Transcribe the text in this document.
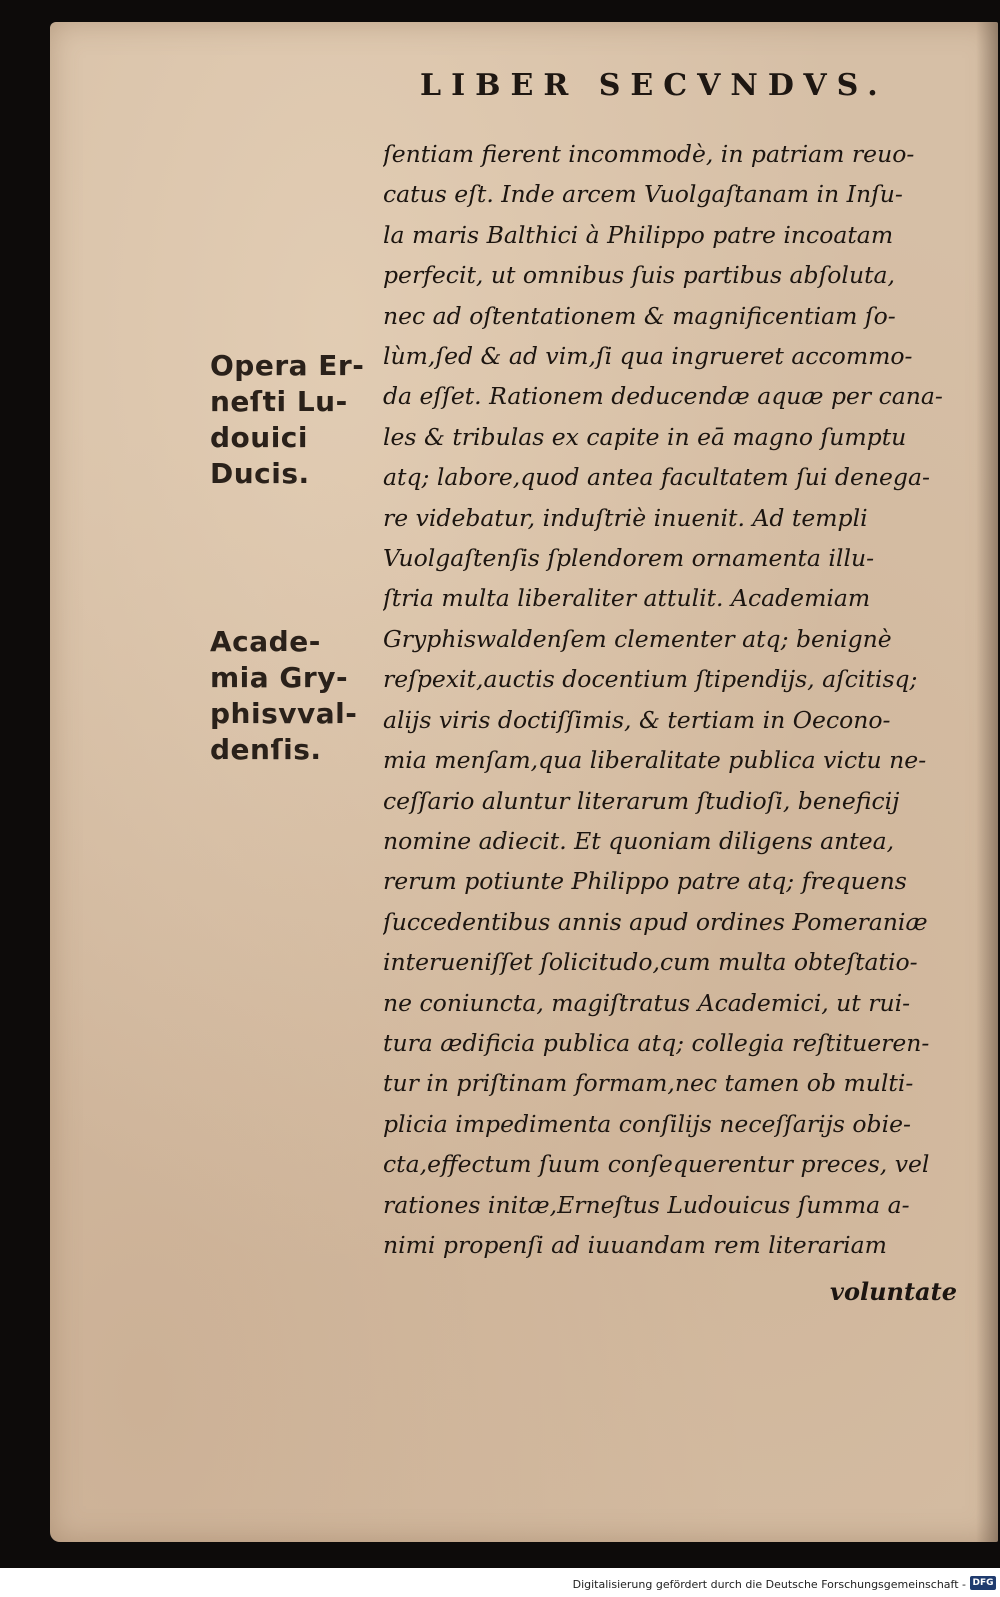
LIBER SECVNDVS.
ſentiam fierent incommodè, in patriam reuo-
catus eſt. Inde arcem Vuolgaſtanam in Inſu-
la maris Balthici à Philippo patre incoatam
perfecit, ut omnibus ſuis partibus abſoluta,
nec ad oſtentationem & magnificentiam ſo-
lùm,ſed & ad vim,ſi qua ingrueret accommo-
da eſſet. Rationem deducendæ aquæ per cana-
les & tribulas ex capite in eā magno ſumptu
atq; labore,quod antea facultatem ſui denega-
re videbatur, induſtriè inuenit. Ad templi
Vuolgaſtenſis ſplendorem ornamenta illu-
ſtria multa liberaliter attulit. Academiam
Gryphiswaldenſem clementer atq; benignè
reſpexit,auctis docentium ſtipendijs, aſcitisq;
alijs viris doctiſſimis, & tertiam in Oecono-
mia menſam,qua liberalitate publica victu ne-
ceſſario aluntur literarum ſtudioſi, beneficij
nomine adiecit. Et quoniam diligens antea,
rerum potiunte Philippo patre atq; frequens
ſuccedentibus annis apud ordines Pomeraniæ
interueniſſet ſolicitudo,cum multa obteſtatio-
ne coniuncta, magiſtratus Academici, ut rui-
tura ædificia publica atq; collegia reſtitueren-
tur in priſtinam formam,nec tamen ob multi-
plicia impedimenta conſilijs neceſſarijs obie-
cta,effectum ſuum conſequerentur preces, vel
rationes initæ,Erneſtus Ludouicus ſumma a-
nimi propenſi ad iuuandam rem literariam
voluntate
Opera Er-
neſti Lu-
douici
Ducis.
Acade-
mia Gry-
phisvval-
denſis.
Digitalisierung gefördert durch die Deutsche Forschungsgemeinschaft - DFG
